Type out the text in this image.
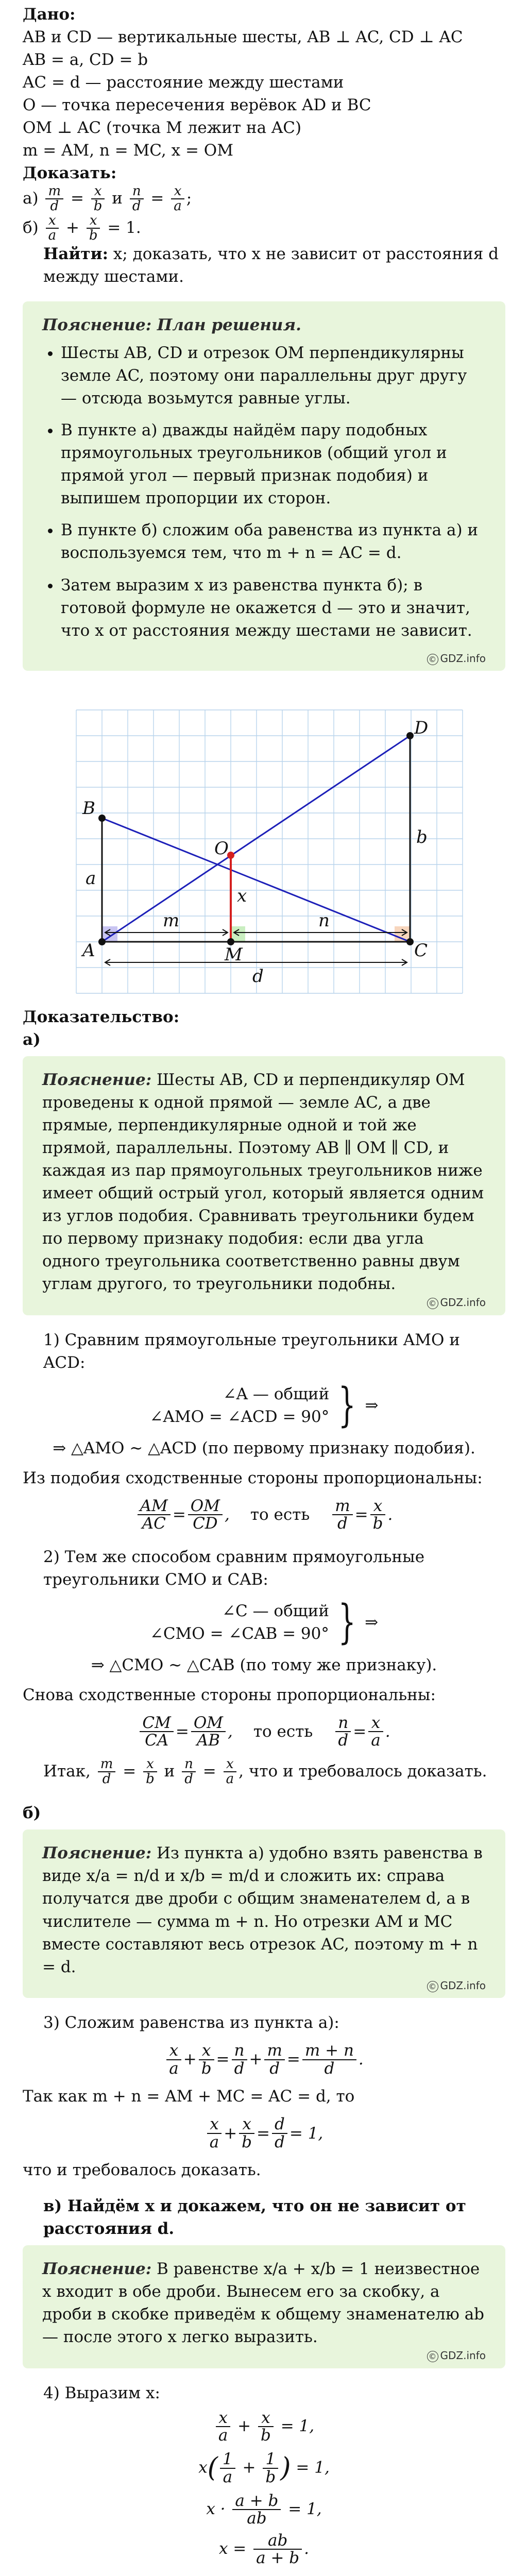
Дано:
AB и CD — вертикальные шесты, AB ⊥ AC, CD ⊥ AC
AB = a, CD = b
AC = d — расстояние между шестами
O — точка пересечения верёвок AD и BC
OM ⊥ AC (точка M лежит на AC)
m = AM, n = MC, x = OM
Доказать:
$а) \frac{m}{d} = \frac{x}{b}$ и $\frac{n}{d} = \frac{x}{a}$ ;
$б) \frac{x}{a} + \frac{x}{b} = 1$.
Найти: x; доказать, что x не зависит от расстояния d между шестами.
Пояснение: План решения.
• Шесты AB, CD и отрезок OM перпендикулярны земле AC, поэтому они параллельны друг другу — отсюда возьмутся равные углы.
• В пункте а) дважды найдём пару подобных прямоугольных треугольников (общий угол и прямой угол — первый признак подобия) и выпишем пропорции их сторон.
• В пункте б) сложим оба равенства из пункта а) и воспользуемся тем, что m + n = AC = d.
• Затем выразим x из равенства пункта б); в готовой формуле не окажется d — это и значит, что x от расстояния между шестами не зависит.
© GDZ.info
B
A	C
D
O
M
a
b
x
m	n
d
Доказательство:
а)

Пояснение: Шесты AB, CD и перпендикуляр OM проведены к одной прямой — земле AC, а две прямые, перпендикулярные одной и той же прямой, параллельны. Поэтому AB ∥ OM ∥ CD, и каждая из пар прямоугольных треугольников ниже имеет общий острый угол, который является одним из углов подобия. Сравнивать треугольники будем по первому признаку подобия: если два угла одного треугольника соответственно равны двум углам другого, то треугольники подобны.

© GDZ.info

1) Сравним прямоугольные треугольники AMO и ACD:

∠A — общий
∠AMO = ∠ACD = 90° } ⇒

⇒ △AMO ∼ △ACD (по первому признаку подобия).

Из подобия сходственные стороны пропорциональны:

$\frac{AM}{AC} = \frac{OM}{CD}$ , то есть $\frac{m}{d} = \frac{x}{b}$ .

2) Тем же способом сравним прямоугольные треугольники CMO и CAB:

∠C — общий
∠CMO = ∠CAB = 90° } ⇒

⇒ △CMO ∼ △CAB (по тому же признаку).

Снова сходственные стороны пропорциональны:

$\frac{CM}{CA} = \frac{OM}{AB}$ , то есть $\frac{n}{d} = \frac{x}{a}$ .

Итак, $\frac{m}{d} = \frac{x}{b}$ и $\frac{n}{d} = \frac{x}{a}$ , что и требовалось доказать.

б)

Пояснение: Из пункта а) удобно взять равенства в виде x/a = n/d и x/b = m/d и сложить их: справа получатся две дроби с общим знаменателем d, а в числителе — сумма m + n. Но отрезки AM и MC вместе составляют весь отрезок AC, поэтому m + n = d.

© GDZ.info

3) Сложим равенства из пункта а):

$\frac{x}{a} + \frac{x}{b} = \frac{n}{d} + \frac{m}{d} = \frac{m + n}{d}$ .

Так как m + n = AM + MC = AC = d, то

$\frac{x}{a} + \frac{x}{b} = \frac{d}{d} = 1$,

что и требовалось доказать.

в) Найдём x и докажем, что он не зависит от расстояния d.

Пояснение: В равенстве x/a + x/b = 1 неизвестное x входит в обе дроби. Вынесем его за скобку, а дроби в скобке приведём к общему знаменателю ab — после этого x легко выразить.

© GDZ.info

4) Выразим x:

$\frac{x}{a} + \frac{x}{b} = 1$,
$x( \frac{1}{a} + \frac{1}{b}$ ) = 1,
$x \cdot \frac{a + b}{ab} = 1$,
$x = \frac{ab}{a + b}$ .
